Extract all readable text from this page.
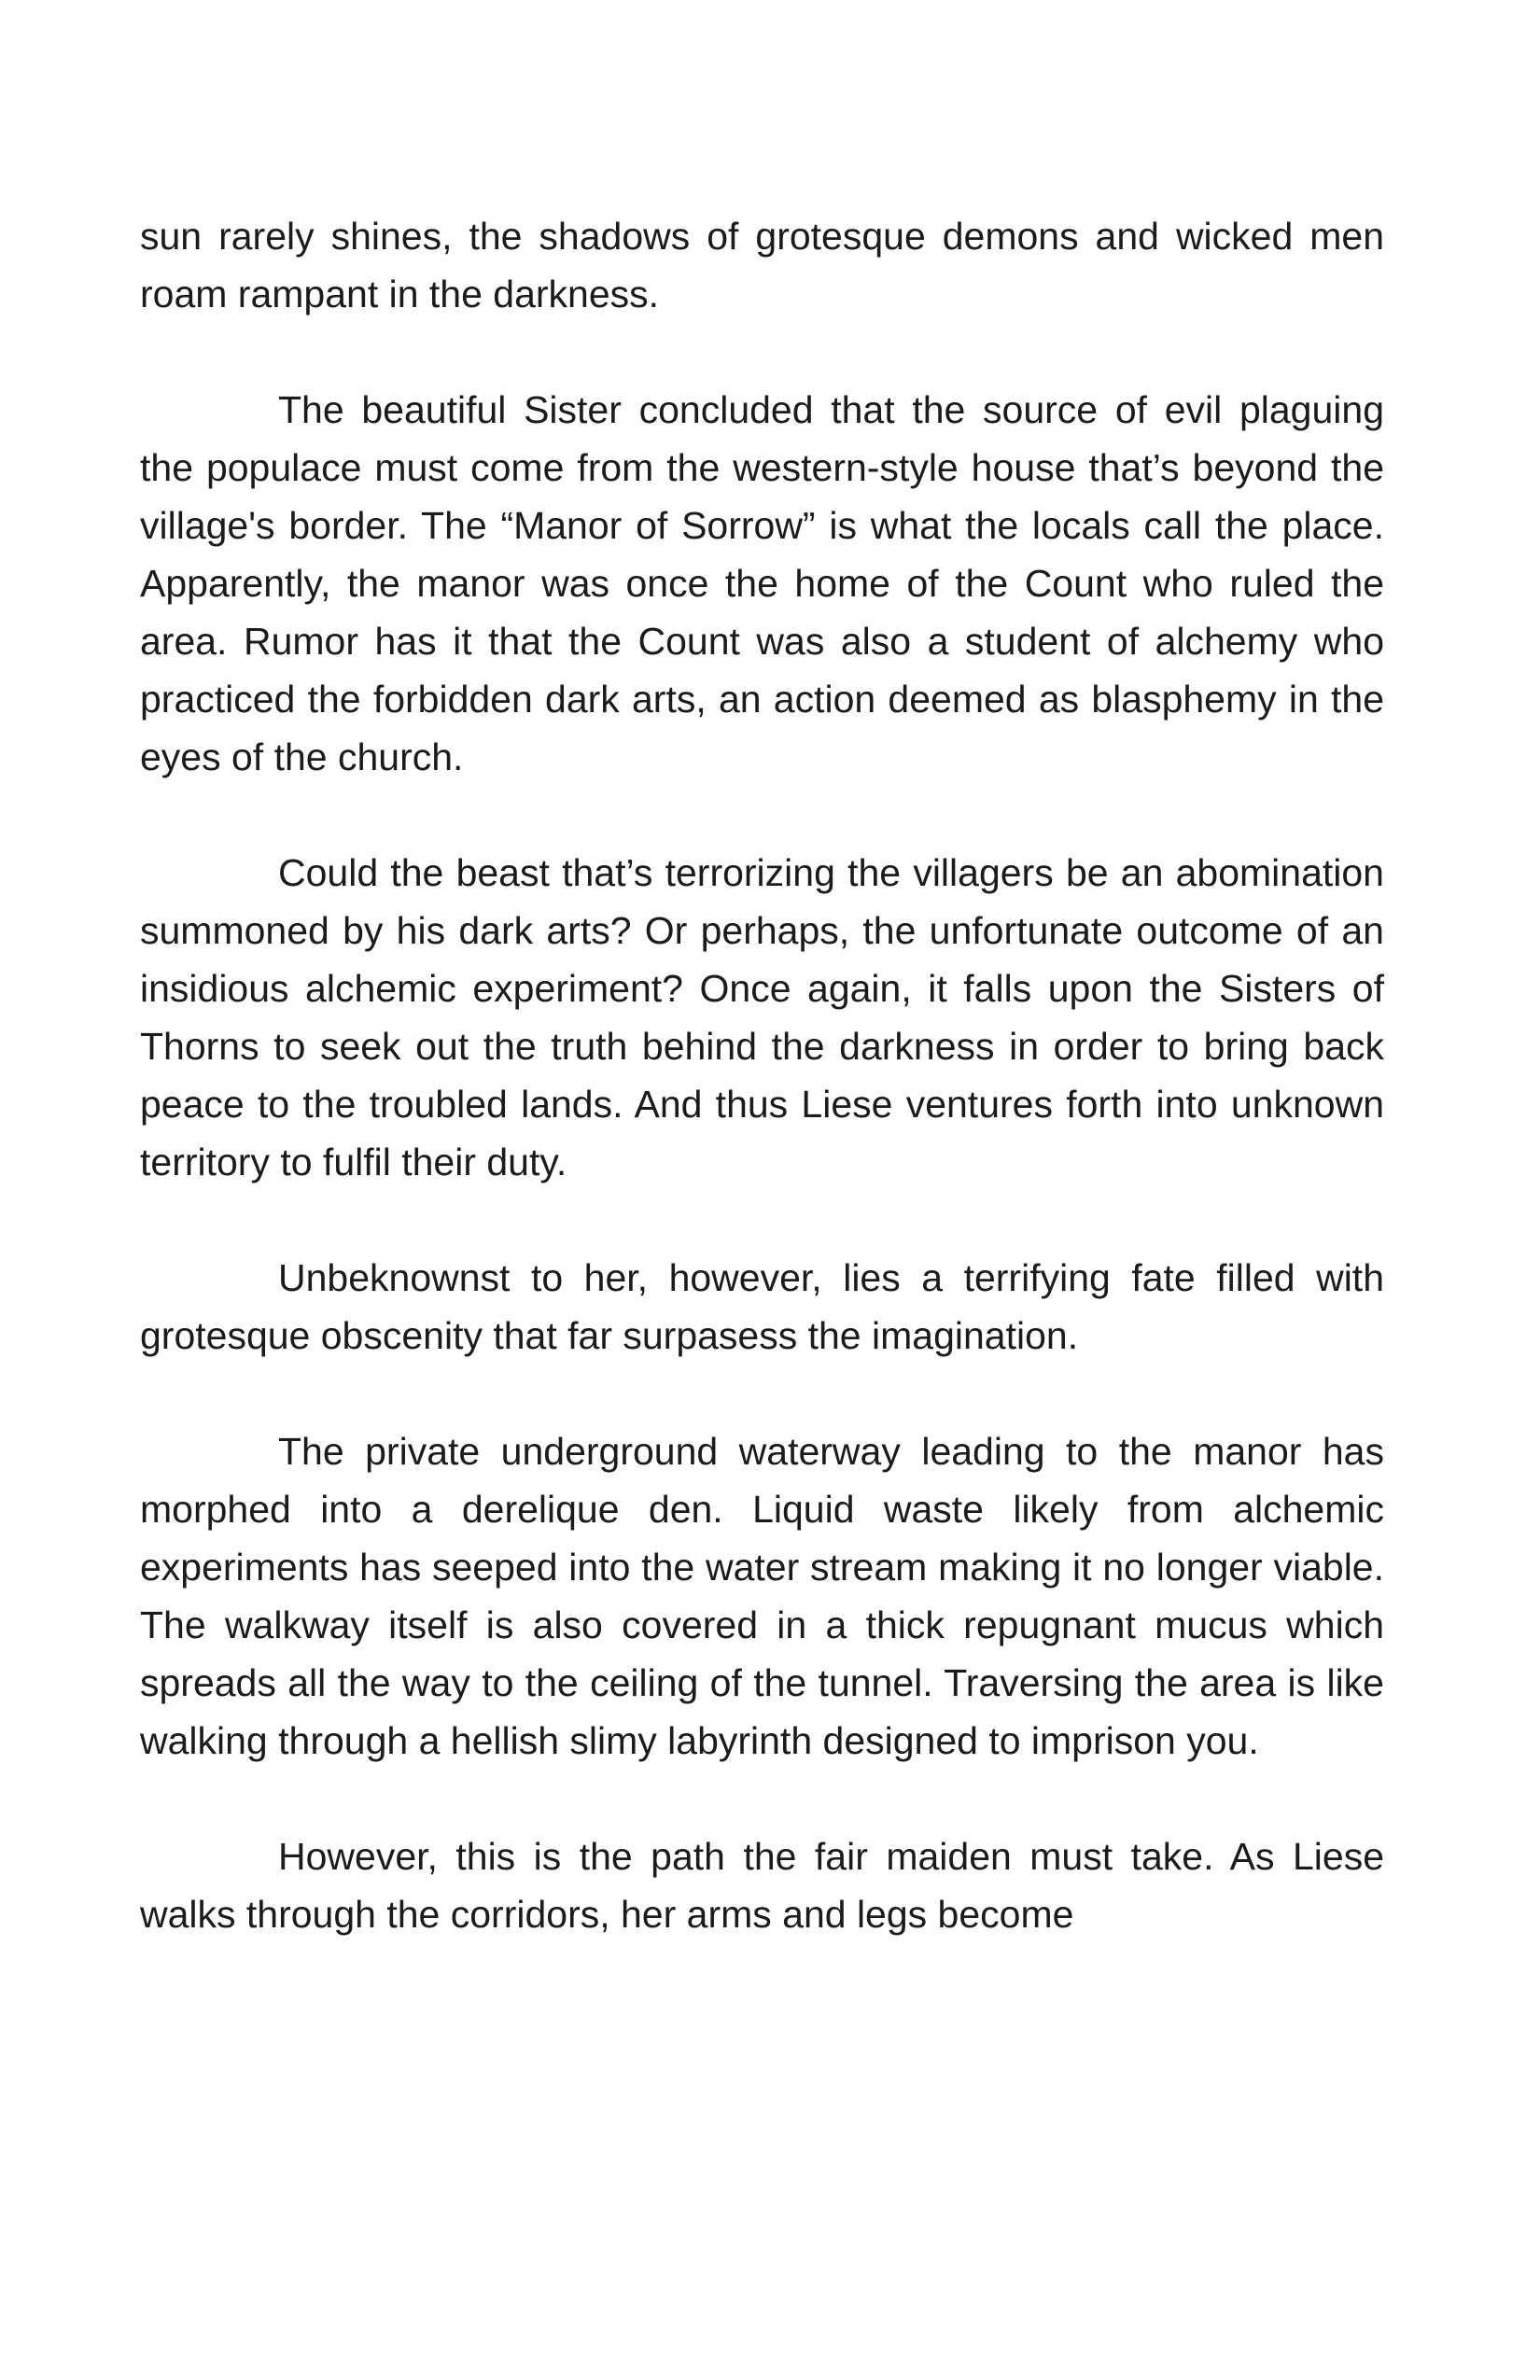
sun rarely shines, the shadows of grotesque demons and wicked men roam rampant in the darkness.

The beautiful Sister concluded that the source of evil plaguing the populace must come from the western-style house that’s beyond the village's border. The “Manor of Sorrow” is what the locals call the place. Apparently, the manor was once the home of the Count who ruled the area. Rumor has it that the Count was also a student of alchemy who practiced the forbidden dark arts, an action deemed as blasphemy in the eyes of the church.

Could the beast that’s terrorizing the villagers be an abomination summoned by his dark arts? Or perhaps, the unfortunate outcome of an insidious alchemic experiment? Once again, it falls upon the Sisters of Thorns to seek out the truth behind the darkness in order to bring back peace to the troubled lands. And thus Liese ventures forth into unknown territory to fulfil their duty.

Unbeknownst to her, however, lies a terrifying fate filled with grotesque obscenity that far surpasess the imagination.

The private underground waterway leading to the manor has morphed into a derelique den. Liquid waste likely from alchemic experiments has seeped into the water stream making it no longer viable. The walkway itself is also covered in a thick repugnant mucus which spreads all the way to the ceiling of the tunnel. Traversing the area is like walking through a hellish slimy labyrinth designed to imprison you.

However, this is the path the fair maiden must take. As Liese walks through the corridors, her arms and legs become
